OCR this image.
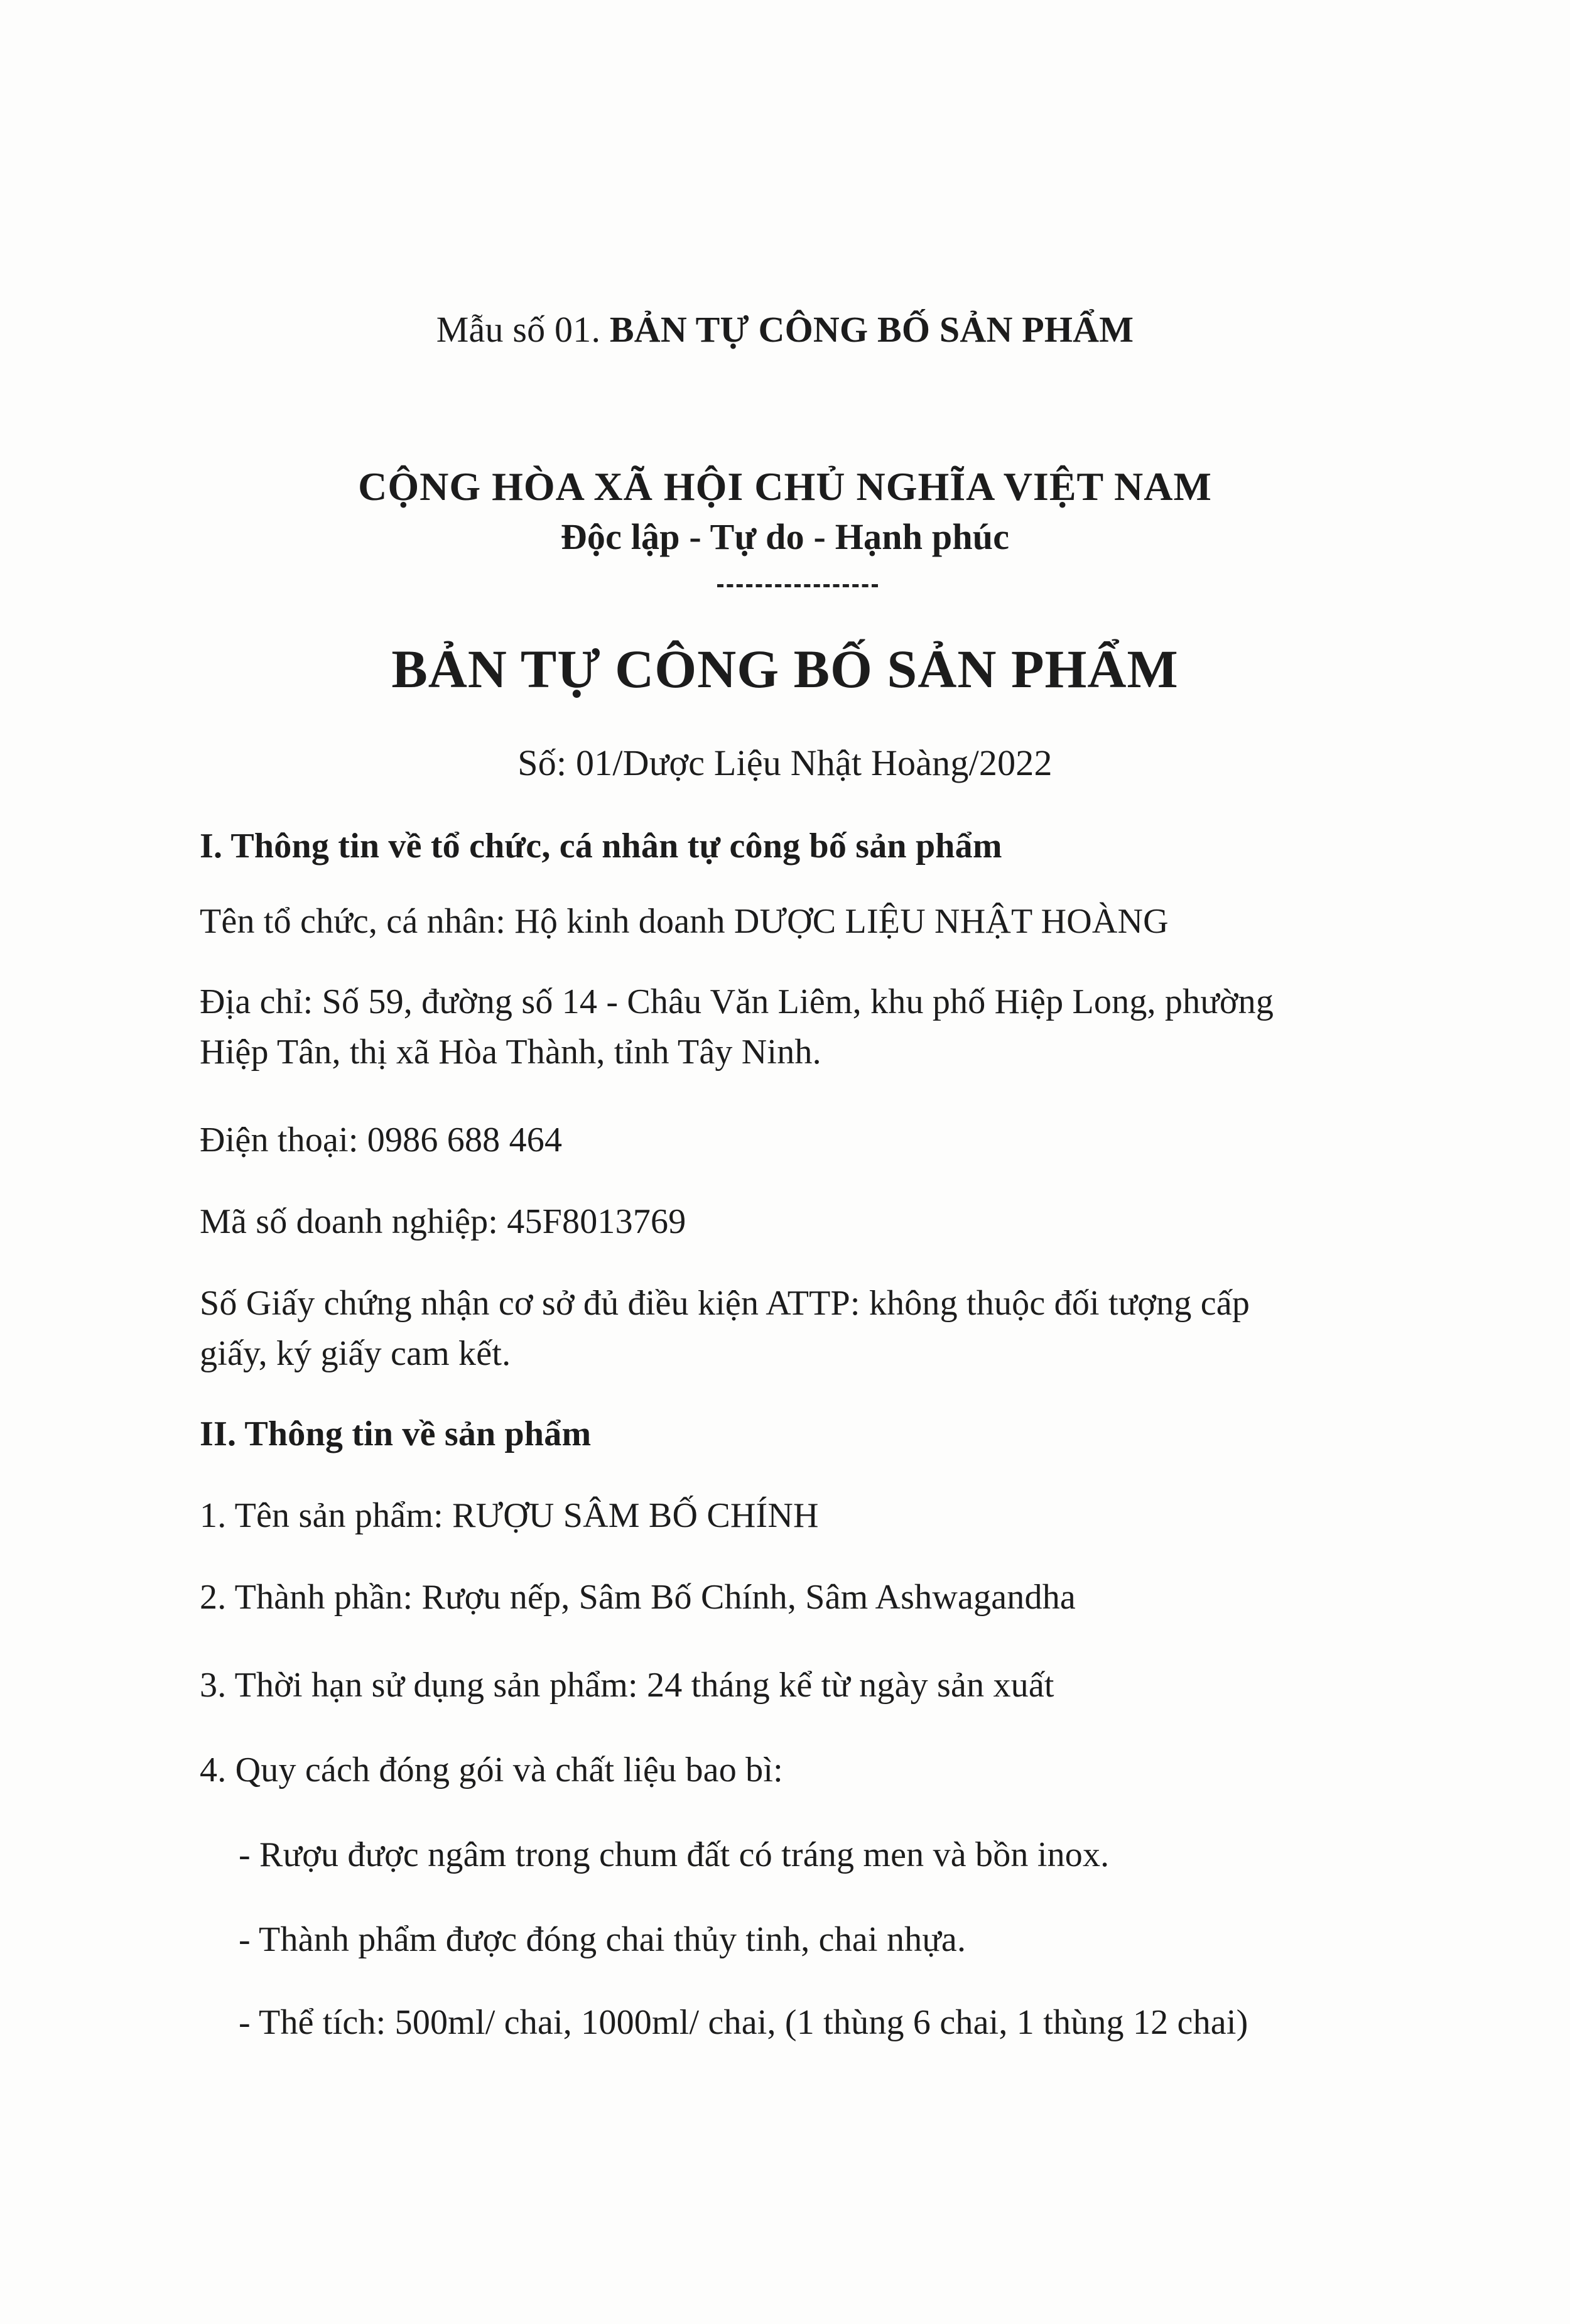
Mẫu số 01. BẢN TỰ CÔNG BỐ SẢN PHẨM
CỘNG HÒA XÃ HỘI CHỦ NGHĨA VIỆT NAM
Độc lập - Tự do - Hạnh phúc
BẢN TỰ CÔNG BỐ SẢN PHẨM
Số: 01/Dược Liệu Nhật Hoàng/2022
I. Thông tin về tổ chức, cá nhân tự công bố sản phẩm
Tên tổ chức, cá nhân: Hộ kinh doanh DƯỢC LIỆU NHẬT HOÀNG
Địa chỉ: Số 59, đường số 14 - Châu Văn Liêm, khu phố Hiệp Long, phường
Hiệp Tân, thị xã Hòa Thành, tỉnh Tây Ninh.
Điện thoại: 0986 688 464
Mã số doanh nghiệp: 45F8013769
Số Giấy chứng nhận cơ sở đủ điều kiện ATTP: không thuộc đối tượng cấp
giấy, ký giấy cam kết.
II. Thông tin về sản phẩm
1. Tên sản phẩm: RƯỢU SÂM BỐ CHÍNH
2. Thành phần: Rượu nếp, Sâm Bố Chính, Sâm Ashwagandha
3. Thời hạn sử dụng sản phẩm: 24 tháng kể từ ngày sản xuất
4. Quy cách đóng gói và chất liệu bao bì:
- Rượu được ngâm trong chum đất có tráng men và bồn inox.
- Thành phẩm được đóng chai thủy tinh, chai nhựa.
- Thể tích: 500ml/ chai, 1000ml/ chai, (1 thùng 6 chai, 1 thùng 12 chai)
